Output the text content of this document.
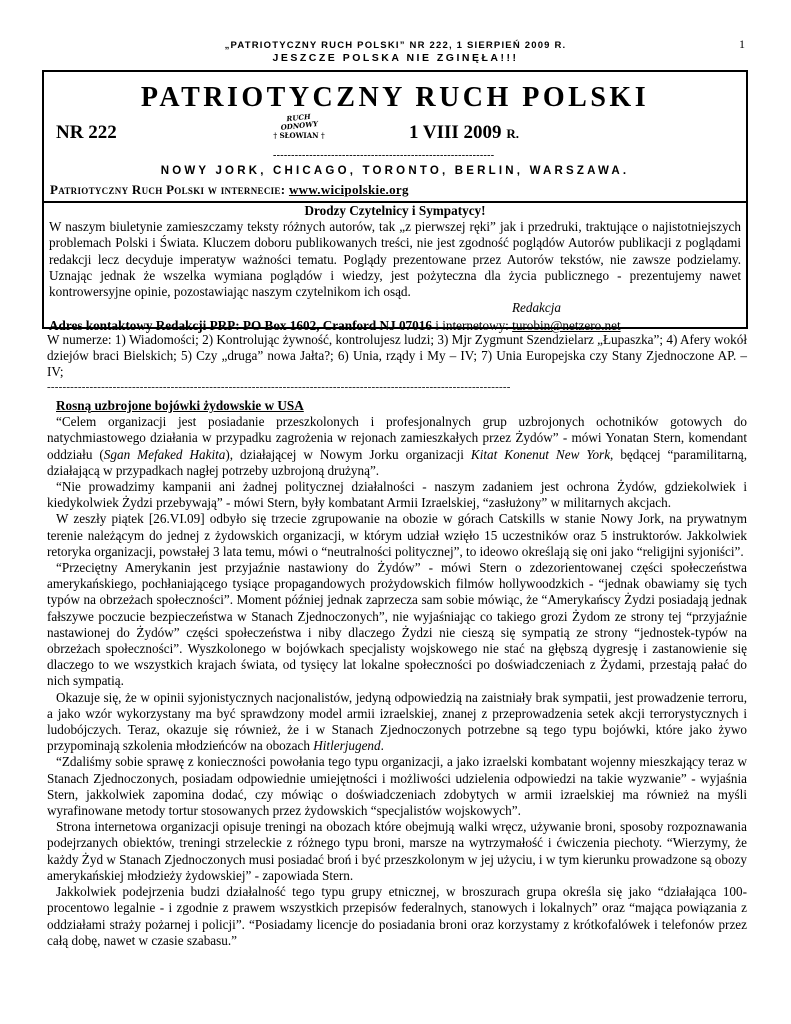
„PATRIOTYCZNY RUCH POLSKI” NR 222, 1 SIERPIEŃ 2009 R.
JESZCZE POLSKA NIE ZGINĘŁA!!!
1
PATRIOTYCZNY RUCH POLSKI
NR 222
RUCH ODNOWY
† SŁOWIAN †	1 VIII 2009 R.
-------------------------------------------------------------
NOWY JORK, CHICAGO, TORONTO, BERLIN, WARSZAWA.
Patriotyczny Ruch Polski w internecie: www.wicipolskie.org
Drodzy Czytelnicy i Sympatycy!
W naszym biuletynie zamieszczamy teksty różnych autorów, tak „z pierwszej ręki” jak i przedruki, traktujące o najistotniejszych problemach Polski i Świata. Kluczem doboru publikowanych treści, nie jest zgodność poglądów Autorów publikacji z poglądami redakcji lecz decyduje imperatyw ważności tematu. Poglądy prezentowane przez Autorów tekstów, nie zawsze podzielamy. Uznając jednak że wszelka wymiana poglądów i wiedzy, jest pożyteczna dla życia publicznego - prezentujemy nawet kontrowersyjne opinie, pozostawiając naszym czytelnikom ich osąd.
Redakcja
Adres kontaktowy Redakcji PRP: PO Box 1602, Cranford NJ 07016 i internetowy: turobin@netzero.net
W numerze: 1) Wiadomości; 2) Kontrolując żywność, kontrolujesz ludzi; 3) Mjr Zygmunt Szendzielarz „Łupaszka”; 4) Afery wokół dziejów braci Bielskich; 5) Czy „druga” nowa Jałta?; 6) Unia, rządy i My – IV; 7) Unia Europejska czy Stany Zjednoczone AP. – IV;
------------------------------------------------------------------------------------------------------------------------
Rosną uzbrojone bojówki żydowskie w USA

“Celem organizacji jest posiadanie przeszkolonych i profesjonalnych grup uzbrojonych ochotników gotowych do natychmiastowego działania w przypadku zagrożenia w rejonach zamieszkałych przez Żydów” - mówi Yonatan Stern, komendant oddziału (Sgan Mefaked Hakita), działającej w Nowym Jorku organizacji Kitat Konenut New York, będącej “paramilitarną, działającą w przypadkach nagłej potrzeby uzbrojoną drużyną”.

“Nie prowadzimy kampanii ani żadnej politycznej działalności - naszym zadaniem jest ochrona Żydów, gdziekolwiek i kiedykolwiek Żydzi przebywają” - mówi Stern, były kombatant Armii Izraelskiej, “zasłużony” w militarnych akcjach.

W zeszły piątek [26.VI.09] odbyło się trzecie zgrupowanie na obozie w górach Catskills w stanie Nowy Jork, na prywatnym terenie należącym do jednej z żydowskich organizacji, w którym udział wzięło 15 uczestników oraz 5 instruktorów. Jakkolwiek retoryka organizacji, powstałej 3 lata temu, mówi o “neutralności politycznej”, to ideowo określają się oni jako “religijni syjoniści”.

“Przeciętny Amerykanin jest przyjaźnie nastawiony do Żydów” - mówi Stern o zdezorientowanej części społeczeństwa amerykańskiego, pochłaniającego tysiące propagandowych prożydowskich filmów hollywoodzkich - “jednak obawiamy się tych typów na obrzeżach społeczności”. Moment później jednak zaprzecza sam sobie mówiąc, że “Amerykańscy Żydzi posiadają jednak fałszywe poczucie bezpieczeństwa w Stanach Zjednoczonych”, nie wyjaśniając co takiego grozi Żydom ze strony tej “przyjaźnie nastawionej do Żydów” części społeczeństwa i niby dlaczego Żydzi nie cieszą się sympatią ze strony “jednostek-typów na obrzeżach społeczności”. Wyszkolonego w bojówkach specjalisty wojskowego nie stać na głębszą dygresję i zastanowienie się dlaczego to we wszystkich krajach świata, od tysięcy lat lokalne społeczności po doświadczeniach z Żydami, przestają pałać do nich sympatią.

Okazuje się, że w opinii syjonistycznych nacjonalistów, jedyną odpowiedzią na zaistniały brak sympatii, jest prowadzenie terroru, a jako wzór wykorzystany ma być sprawdzony model armii izraelskiej, znanej z przeprowadzenia setek akcji terrorystycznych i ludobójczych. Teraz, okazuje się również, że i w Stanach Zjednoczonych potrzebne są tego typu bojówki, które jako żywo przypominają szkolenia młodzieńców na obozach Hitlerjugend.

“Zdaliśmy sobie sprawę z konieczności powołania tego typu organizacji, a jako izraelski kombatant wojenny mieszkający teraz w Stanach Zjednoczonych, posiadam odpowiednie umiejętności i możliwości udzielenia odpowiedzi na takie wyzwanie” - wyjaśnia Stern, jakkolwiek zapomina dodać, czy mówiąc o doświadczeniach zdobytych w armii izraelskiej ma również na myśli wyrafinowane metody tortur stosowanych przez żydowskich “specjalistów wojskowych”.

Strona internetowa organizacji opisuje treningi na obozach które obejmują walki wręcz, używanie broni, sposoby rozpoznawania podejrzanych obiektów, treningi strzeleckie z różnego typu broni, marsze na wytrzymałość i ćwiczenia piechoty. “Wierzymy, że każdy Żyd w Stanach Zjednoczonych musi posiadać broń i być przeszkolonym w jej użyciu, i w tym kierunku prowadzone są obozy amerykańskiej młodzieży żydowskiej” - zapowiada Stern.

Jakkolwiek podejrzenia budzi działalność tego typu grupy etnicznej, w broszurach grupa określa się jako “działająca 100-procentowo legalnie - i zgodnie z prawem wszystkich przepisów federalnych, stanowych i lokalnych” oraz “mająca powiązania z oddziałami straży pożarnej i policji”. “Posiadamy licencje do posiadania broni oraz korzystamy z krótkofalówek i telefonów przez całą dobę, nawet w czasie szabasu.”
